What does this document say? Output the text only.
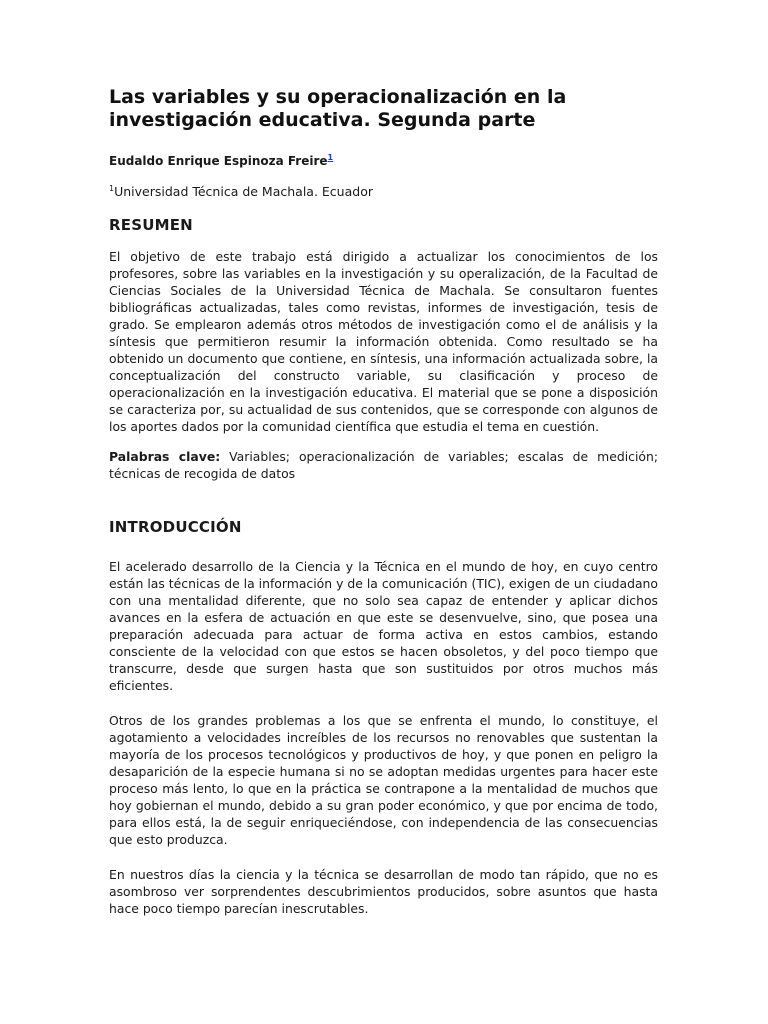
Las variables y su operacionalización en la investigación educativa. Segunda parte

Eudaldo Enrique Espinoza Freire$^1$

$^1$Universidad Técnica de Machala. Ecuador

RESUMEN

El objetivo de este trabajo está dirigido a actualizar los conocimientos de los profesores, sobre las variables en la investigación y su operalización, de la Facultad de Ciencias Sociales de la Universidad Técnica de Machala. Se consultaron fuentes bibliográficas actualizadas, tales como revistas, informes de investigación, tesis de grado. Se emplearon además otros métodos de investigación como el de análisis y la síntesis que permitieron resumir la información obtenida. Como resultado se ha obtenido un documento que contiene, en síntesis, una información actualizada sobre, la conceptualización del constructo variable, su clasificación y proceso de operacionalización en la investigación educativa. El material que se pone a disposición se caracteriza por, su actualidad de sus contenidos, que se corresponde con algunos de los aportes dados por la comunidad científica que estudia el tema en cuestión.

Palabras clave: Variables; operacionalización de variables; escalas de medición; técnicas de recogida de datos

INTRODUCCIÓN

El acelerado desarrollo de la Ciencia y la Técnica en el mundo de hoy, en cuyo centro están las técnicas de la información y de la comunicación (TIC), exigen de un ciudadano con una mentalidad diferente, que no solo sea capaz de entender y aplicar dichos avances en la esfera de actuación en que este se desenvuelve, sino, que posea una preparación adecuada para actuar de forma activa en estos cambios, estando consciente de la velocidad con que estos se hacen obsoletos, y del poco tiempo que transcurre, desde que surgen hasta que son sustituidos por otros muchos más eficientes.

Otros de los grandes problemas a los que se enfrenta el mundo, lo constituye, el agotamiento a velocidades increíbles de los recursos no renovables que sustentan la mayoría de los procesos tecnológicos y productivos de hoy, y que ponen en peligro la desaparición de la especie humana si no se adoptan medidas urgentes para hacer este proceso más lento, lo que en la práctica se contrapone a la mentalidad de muchos que hoy gobiernan el mundo, debido a su gran poder económico, y que por encima de todo, para ellos está, la de seguir enriqueciéndose, con independencia de las consecuencias que esto produzca.

En nuestros días la ciencia y la técnica se desarrollan de modo tan rápido, que no es asombroso ver sorprendentes descubrimientos producidos, sobre asuntos que hasta hace poco tiempo parecían inescrutables.
